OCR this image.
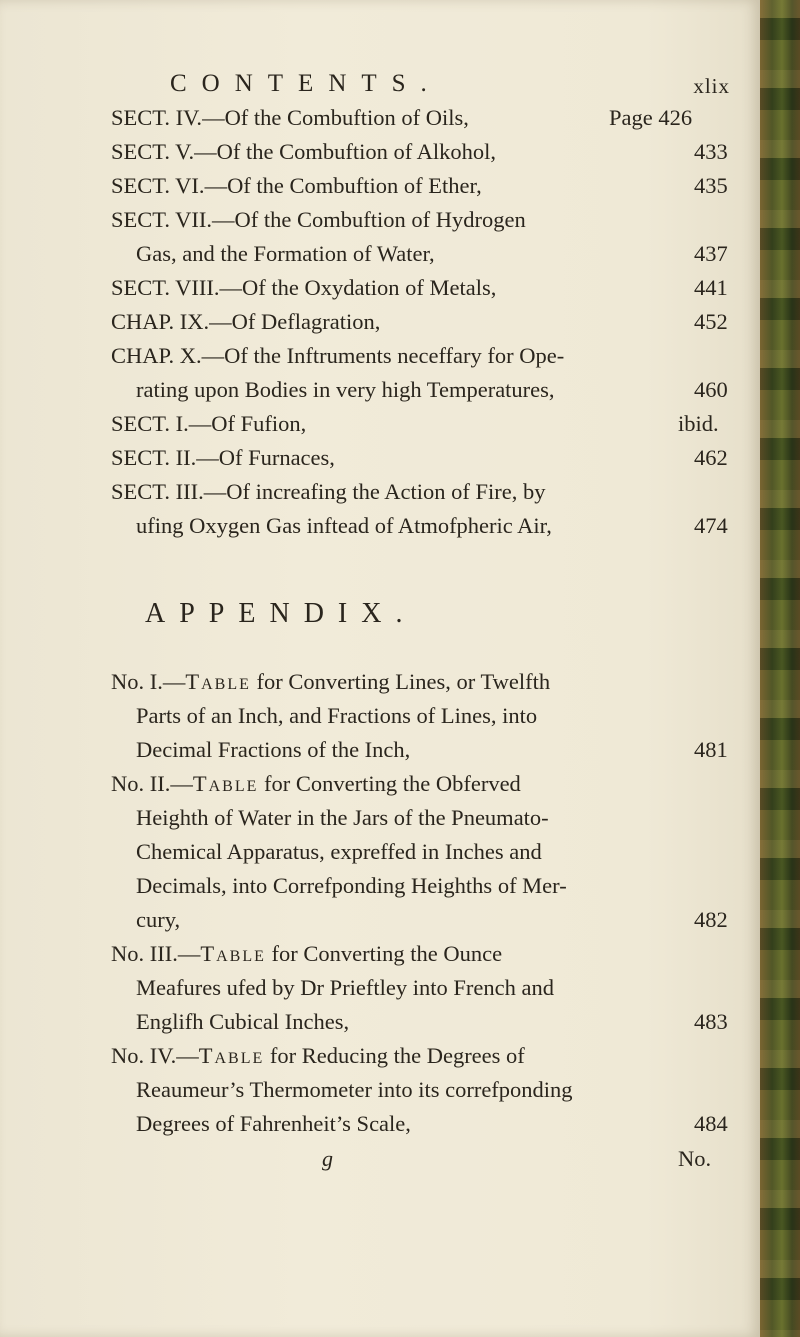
CONTENTS.	xlix
SECT. IV.—Of the Combuftion of Oils,	Page 426
SECT. V.—Of the Combuftion of Alkohol,	433
SECT. VI.—Of the Combuftion of Ether,	435
SECT. VII.—Of the Combuftion of Hydrogen
Gas, and the Formation of Water,	437
SECT. VIII.—Of the Oxydation of Metals,	441
CHAP. IX.—Of Deflagration,	452
CHAP. X.—Of the Inftruments neceffary for Ope-
rating upon Bodies in very high Temperatures,	460
SECT. I.—Of Fufion,	ibid.
SECT. II.—Of Furnaces,	462
SECT. III.—Of increafing the Action of Fire, by
ufing Oxygen Gas inftead of Atmofpheric Air,	474
APPENDIX.
No. I.—Table for Converting Lines, or Twelfth
Parts of an Inch, and Fractions of Lines, into
Decimal Fractions of the Inch,	481
No. II.—Table for Converting the Obferved
Heighth of Water in the Jars of the Pneumato-
Chemical Apparatus, expreffed in Inches and
Decimals, into Correfponding Heighths of Mer-
cury,	482
No. III.—Table for Converting the Ounce
Meafures ufed by Dr Prieftley into French and
Englifh Cubical Inches,	483
No. IV.—Table for Reducing the Degrees of
Reaumeur’s Thermometer into its correfponding
Degrees of Fahrenheit’s Scale,	484
g	No.
